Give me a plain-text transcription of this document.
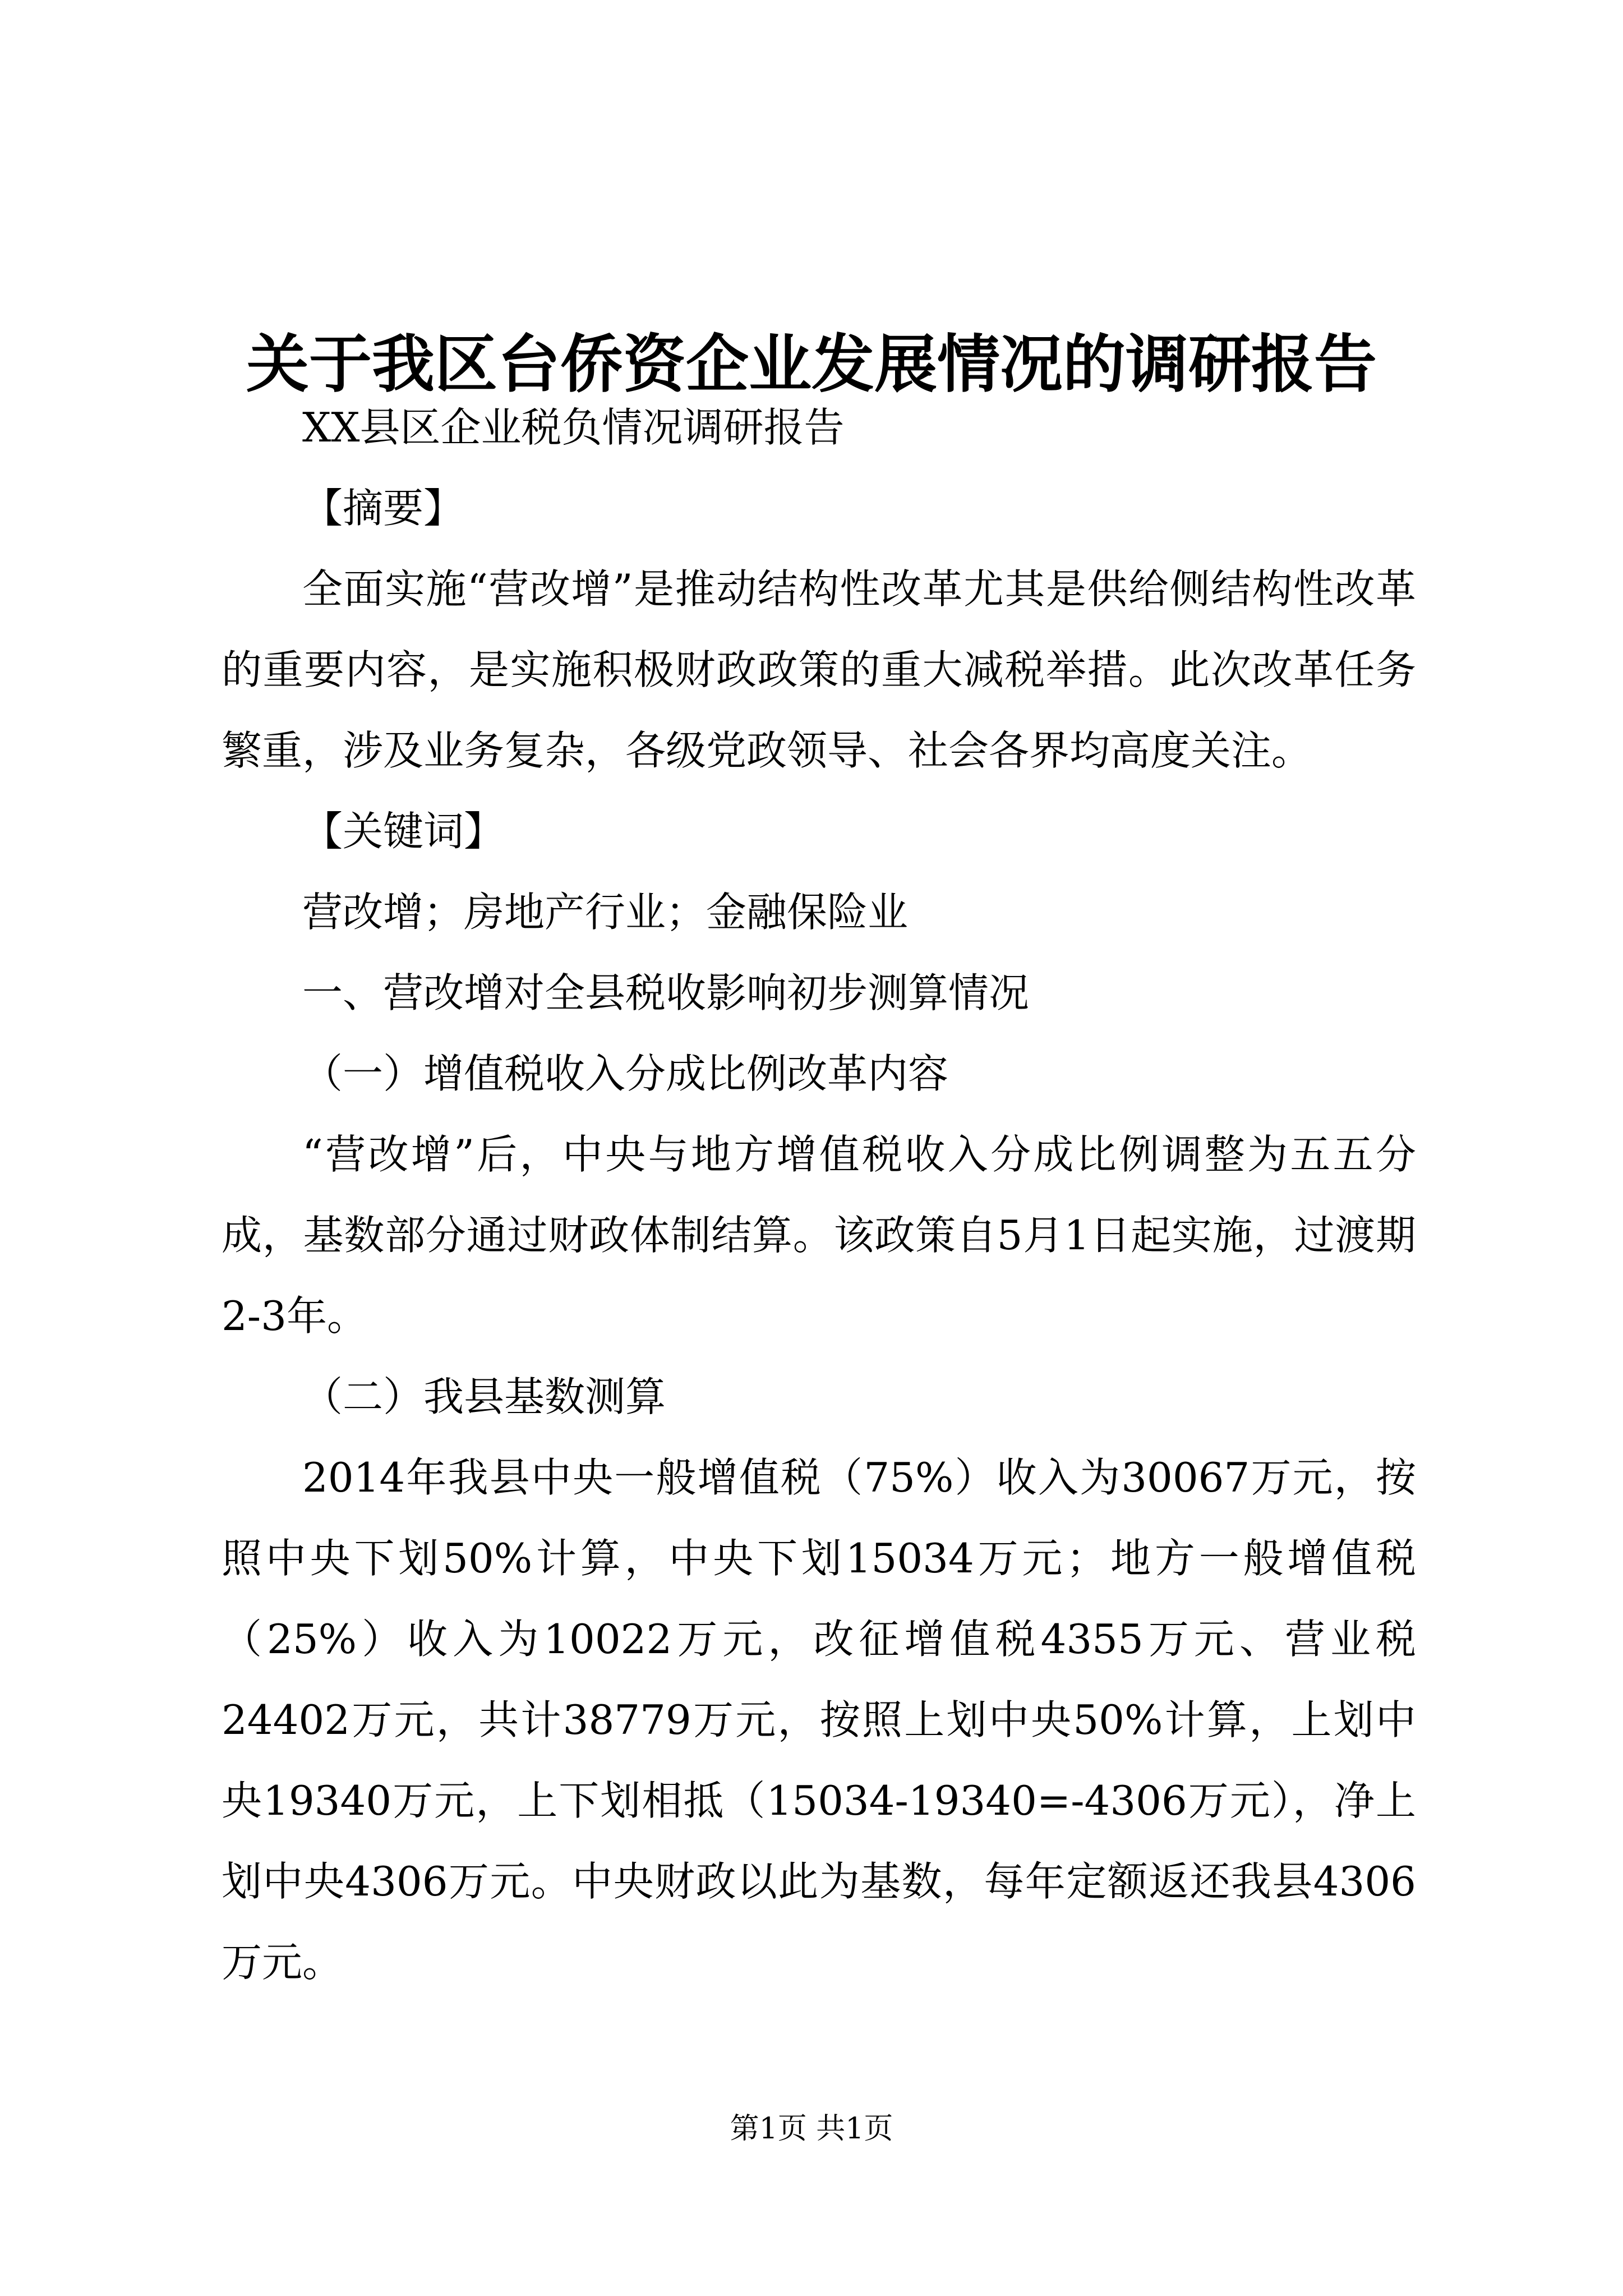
关于我区台侨资企业发展情况的调研报告

XX县区企业税负情况调研报告

【摘要】

全面实施“营改增”是推动结构性改革尤其是供给侧结构性改革的重要内容，是实施积极财政政策的重大减税举措。此次改革任务繁重，涉及业务复杂，各级党政领导、社会各界均高度关注。

【关键词】

营改增；房地产行业；金融保险业

一、营改增对全县税收影响初步测算情况

（一）增值税收入分成比例改革内容

“营改增”后，中央与地方增值税收入分成比例调整为五五分成，基数部分通过财政体制结算。该政策自5月1日起实施，过渡期2-3年。

（二）我县基数测算

2014年我县中央一般增值税（75%）收入为30067万元，按照中央下划50%计算，中央下划15034万元；地方一般增值税（25%）收入为10022万元，改征增值税4355万元、营业税24402万元，共计38779万元，按照上划中央50%计算，上划中央19340万元，上下划相抵（15034-19340=-4306万元），净上划中央4306万元。中央财政以此为基数，每年定额返还我县4306万元。

第1页 共1页
